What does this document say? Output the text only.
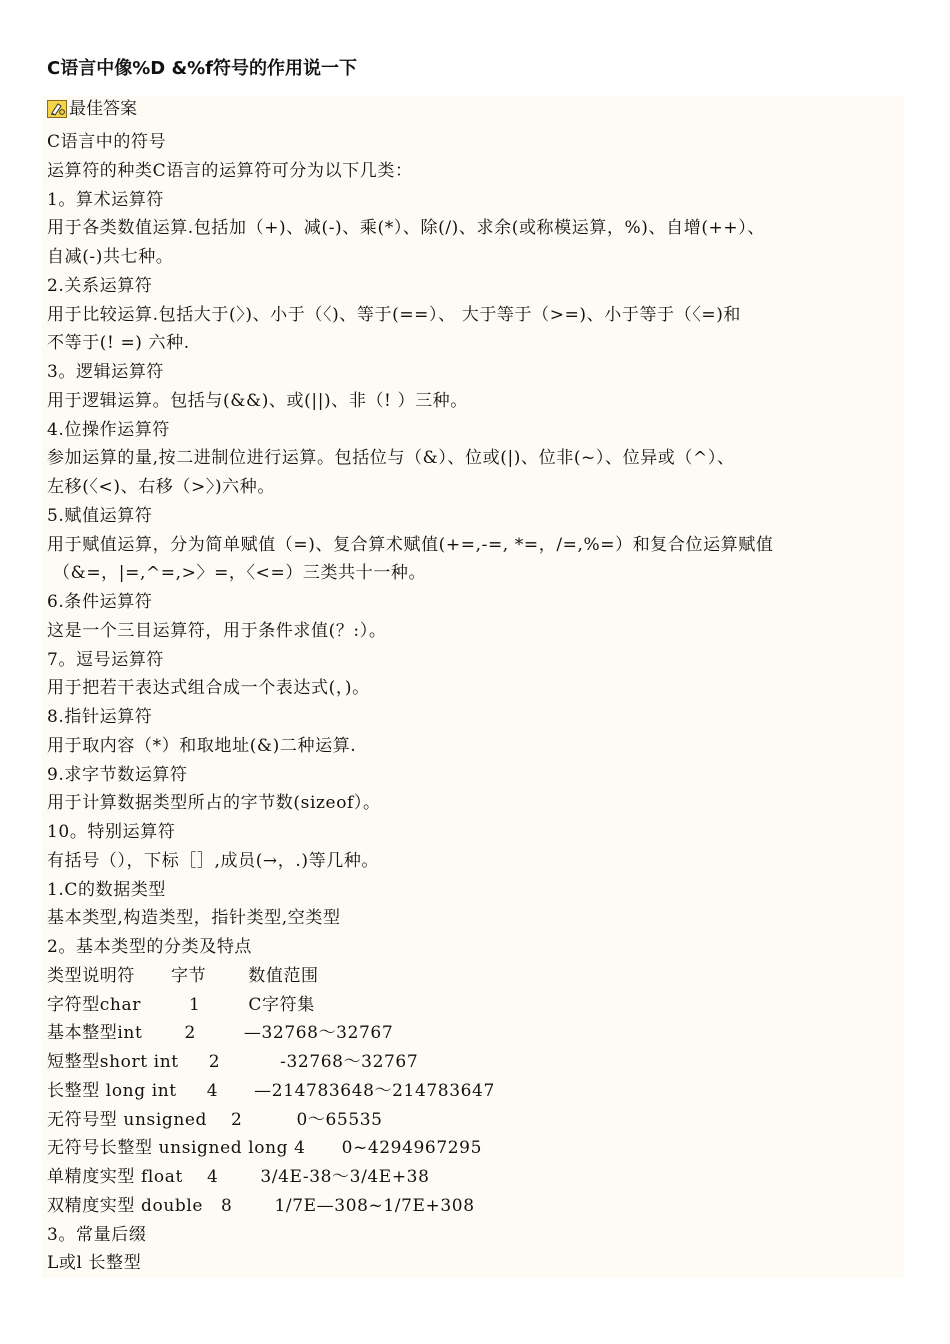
C语言中像%D &%f符号的作用说一下
最佳答案
C语言中的符号
运算符的种类C语言的运算符可分为以下几类：
1。算术运算符
用于各类数值运算.包括加（+)、减(-)、乘(*）、除(/)、求余(或称模运算，%)、自增(++）、
自减(-)共七种。
2.关系运算符
用于比较运算.包括大于(〉)、小于（〈)、等于(==）、 大于等于（>=)、小于等于（〈=)和
不等于(! =) 六种.
3。逻辑运算符
用于逻辑运算。包括与(&&)、或(||)、非（! ）三种。
4.位操作运算符
参加运算的量,按二进制位进行运算。包括位与（&）、位或(|)、位非(~）、位异或（^）、
左移(〈<)、右移（>〉)六种。
5.赋值运算符
用于赋值运算，分为简单赋值（=)、复合算术赋值(+=,-=, *=，/=,%=）和复合位运算赋值
（&=，|=,^=,>〉=，〈<=）三类共十一种。
6.条件运算符
这是一个三目运算符，用于条件求值(？:）。
7。逗号运算符
用于把若干表达式组合成一个表达式(，)。
8.指针运算符
用于取内容（*）和取地址(&)二种运算.
9.求字节数运算符
用于计算数据类型所占的字节数(sizeof）。
10。特别运算符
有括号（），下标［］,成员(→，.)等几种。
1.C的数据类型
基本类型,构造类型，指针类型,空类型
2。基本类型的分类及特点
类型说明符      字节       数值范围
字符型char        1        C字符集
基本整型int       2        —32768～32767
短整型short int     2          -32768～32767
长整型 long int     4      —214783648～214783647
无符号型 unsigned    2         0～65535
无符号长整型 unsigned long 4      0~4294967295
单精度实型 float    4       3/4E-38～3/4E+38
双精度实型 double   8       1/7E—308~1/7E+308
3。常量后缀
L或l 长整型
